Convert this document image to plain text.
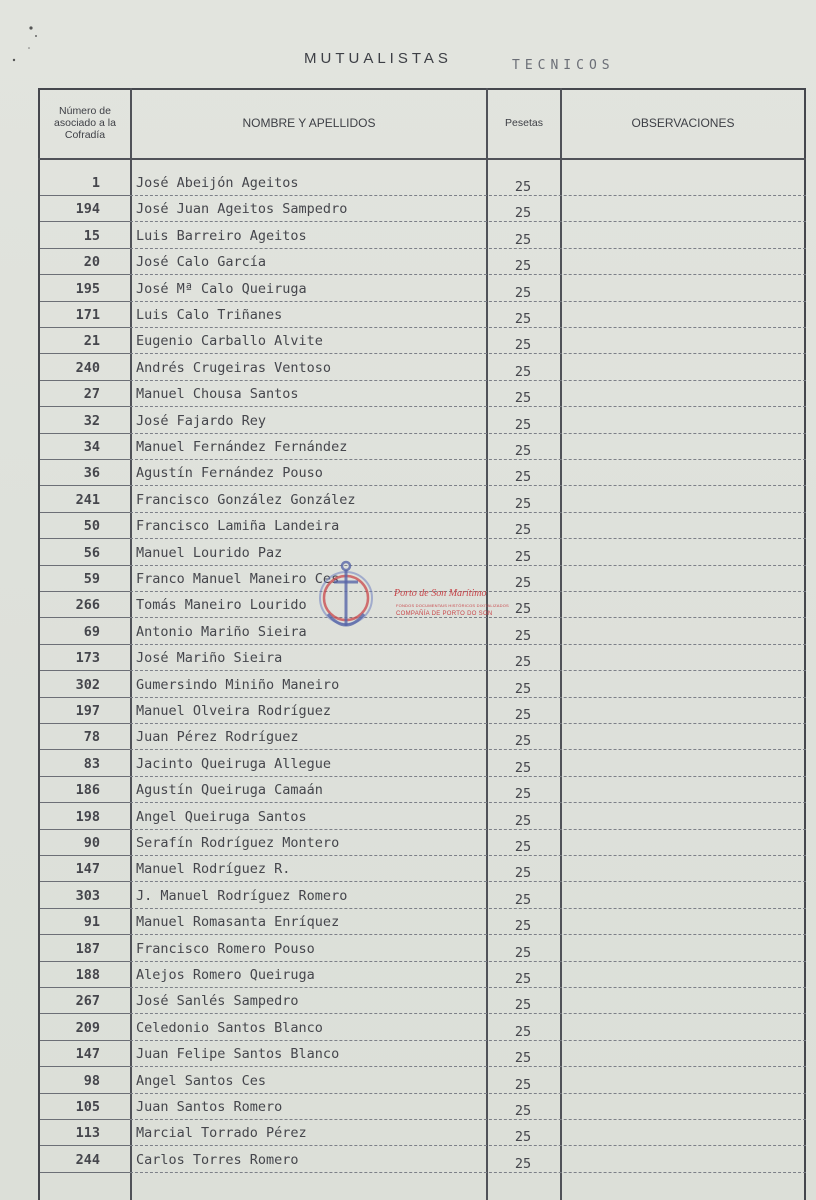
MUTUALISTAS	TECNICOS
Número de asociado a la Cofradía
NOMBRE Y APELLIDOS	Pesetas	OBSERVACIONES
1	José Abeijón Ageitos	25
194	José Juan Ageitos Sampedro	25
15	Luis Barreiro Ageitos	25
20	José Calo García	25
195	José Mª Calo Queiruga	25
171	Luis Calo Triñanes	25
21	Eugenio Carballo Alvite	25
240	Andrés Crugeiras Ventoso	25
27	Manuel Chousa Santos	25
32	José Fajardo Rey	25
34	Manuel Fernández Fernández	25
36	Agustín Fernández Pouso	25
241	Francisco González González	25
50	Francisco Lamiña Landeira	25
56	Manuel Lourido Paz	25
59	Franco Manuel Maneiro Ces	25
266	Tomás Maneiro Lourido	25
69	Antonio Mariño Sieira	25
173	José Mariño Sieira	25
302	Gumersindo Miniño Maneiro	25
197	Manuel Olveira Rodríguez	25
78	Juan Pérez Rodríguez	25
83	Jacinto Queiruga Allegue	25
186	Agustín Queiruga Camaán	25
198	Angel Queiruga Santos	25
90	Serafín Rodríguez Montero	25
147	Manuel Rodríguez R.	25
303	J. Manuel Rodríguez Romero	25
91	Manuel Romasanta Enríquez	25
187	Francisco Romero Pouso	25
188	Alejos Romero Queiruga	25
267	José Sanlés Sampedro	25
209	Celedonio Santos Blanco	25
147	Juan Felipe Santos Blanco	25
98	Angel Santos Ces	25
105	Juan Santos Romero	25
113	Marcial Torrado Pérez	25
244	Carlos Torres Romero	25
Porto de Son Marítimo
FONDOS DOCUMENTAIS HISTÓRICOS DIXITALIZADOS
COMPAÑÍA DE PORTO DO SON
